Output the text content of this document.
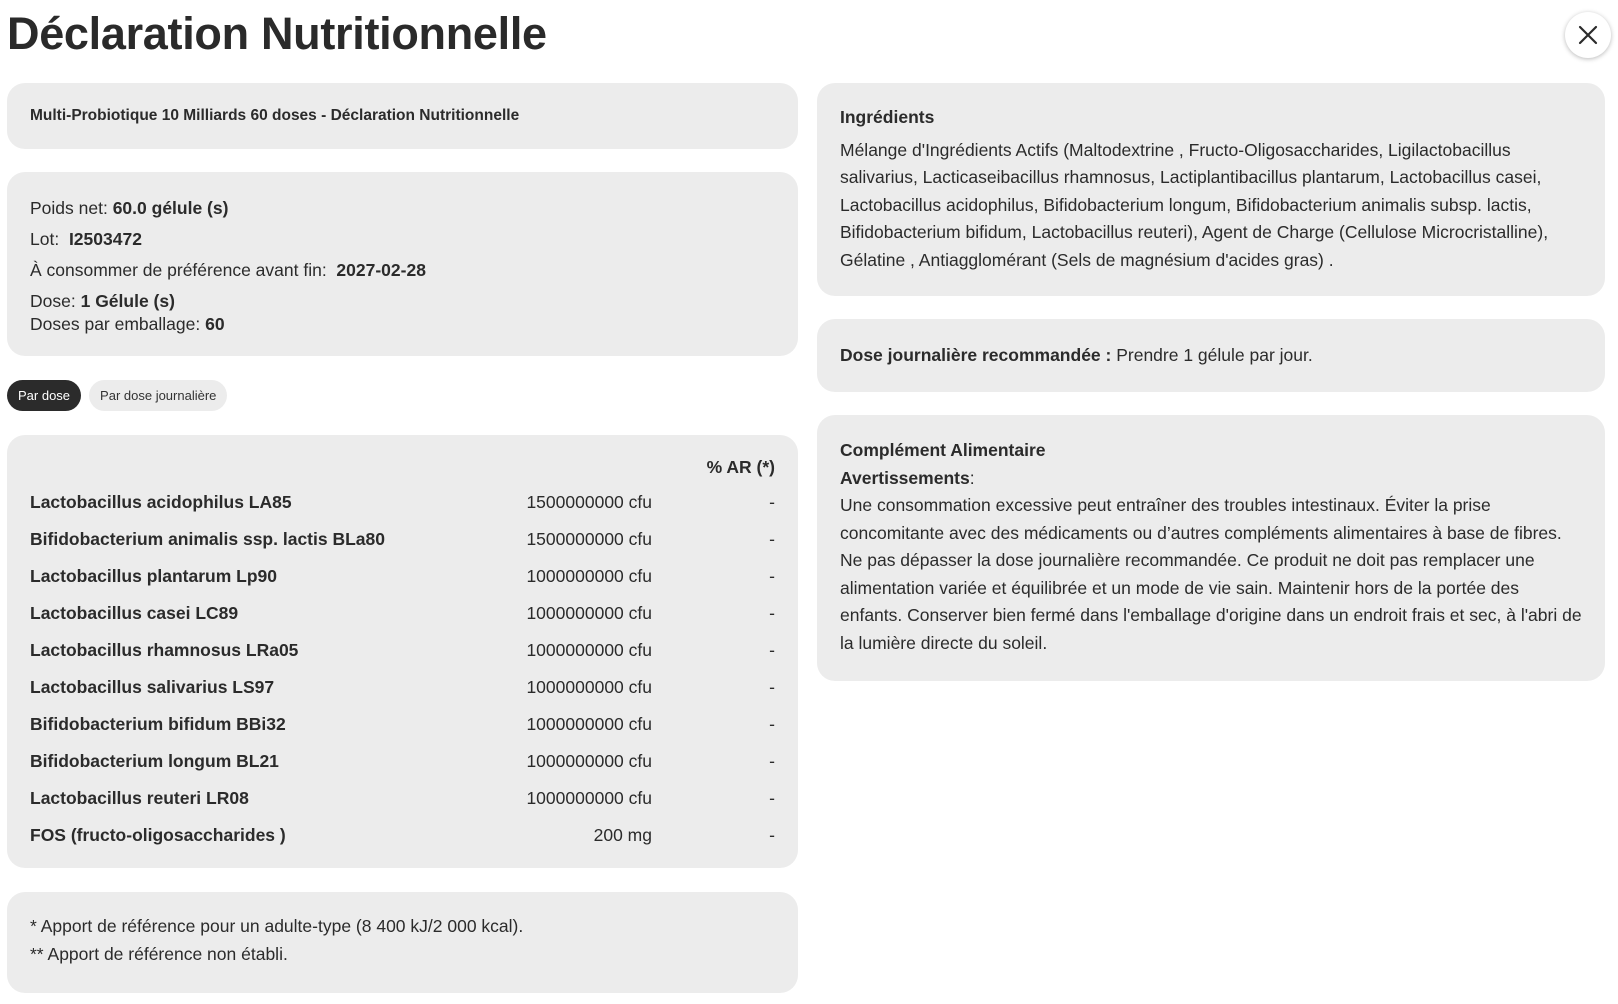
Déclaration Nutritionnelle
Multi-Probiotique 10 Milliards 60 doses - Déclaration Nutritionnelle
Poids net: 60.0 gélule (s)
Lot: I2503472
À consommer de préférence avant fin: 2027-02-28
Dose: 1 Gélule (s)
Doses par emballage: 60
Par dose	Par dose journalière
% AR (*)
Lactobacillus acidophilus LA85	1500000000 cfu	-
Bifidobacterium animalis ssp. lactis BLa80	1500000000 cfu	-
Lactobacillus plantarum Lp90	1000000000 cfu	-
Lactobacillus casei LC89	1000000000 cfu	-
Lactobacillus rhamnosus LRa05	1000000000 cfu	-
Lactobacillus salivarius LS97	1000000000 cfu	-
Bifidobacterium bifidum BBi32	1000000000 cfu	-
Bifidobacterium longum BL21	1000000000 cfu	-
Lactobacillus reuteri LR08	1000000000 cfu	-
FOS (fructo-oligosaccharides )	200 mg	-
* Apport de référence pour un adulte-type (8 400 kJ/2 000 kcal).
** Apport de référence non établi.
Ingrédients
Mélange d'Ingrédients Actifs (Maltodextrine , Fructo-Oligosaccharides, Ligilactobacillus salivarius, Lacticaseibacillus rhamnosus, Lactiplantibacillus plantarum, Lactobacillus casei, Lactobacillus acidophilus, Bifidobacterium longum, Bifidobacterium animalis subsp. lactis, Bifidobacterium bifidum, Lactobacillus reuteri), Agent de Charge (Cellulose Microcristalline), Gélatine , Antiagglomérant (Sels de magnésium d'acides gras) .
Dose journalière recommandée : Prendre 1 gélule par jour.
Complément Alimentaire
Avertissements:
Une consommation excessive peut entraîner des troubles intestinaux. Éviter la prise concomitante avec des médicaments ou d’autres compléments alimentaires à base de fibres. Ne pas dépasser la dose journalière recommandée. Ce produit ne doit pas remplacer une alimentation variée et équilibrée et un mode de vie sain. Maintenir hors de la portée des enfants. Conserver bien fermé dans l'emballage d'origine dans un endroit frais et sec, à l'abri de la lumière directe du soleil.
